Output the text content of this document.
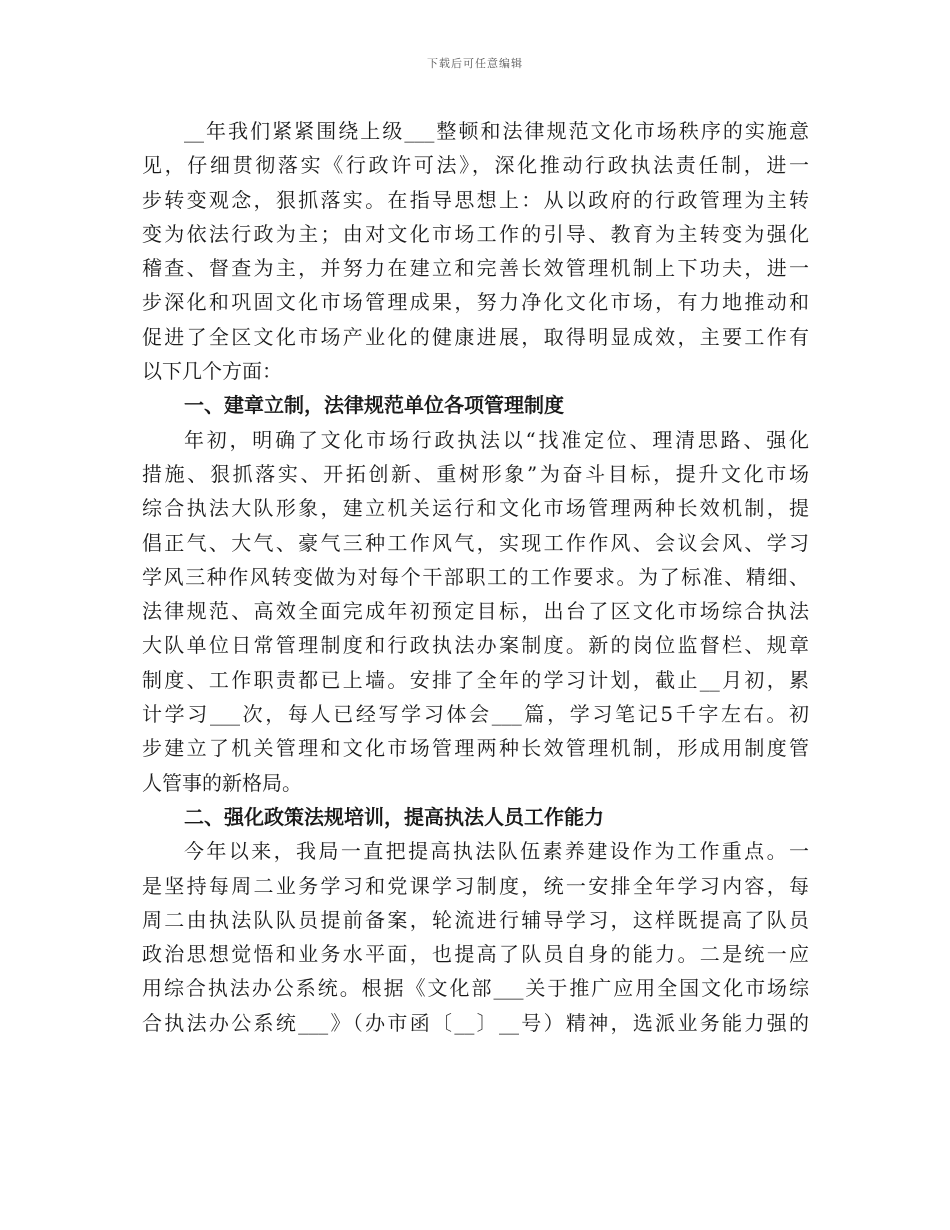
下载后可任意编辑
__年我们紧紧围绕上级___整顿和法律规范文化市场秩序的实施意
见，仔细贯彻落实《行政许可法》，深化推动行政执法责任制，进一
步转变观念，狠抓落实。在指导思想上：从以政府的行政管理为主转
变为依法行政为主；由对文化市场工作的引导、教育为主转变为强化
稽查、督查为主，并努力在建立和完善长效管理机制上下功夫，进一
步深化和巩固文化市场管理成果，努力净化文化市场，有力地推动和
促进了全区文化市场产业化的健康进展，取得明显成效，主要工作有
以下几个方面：
一、建章立制，法律规范单位各项管理制度
年初，明确了文化市场行政执法以“找准定位、理清思路、强化
措施、狠抓落实、开拓创新、重树形象”为奋斗目标，提升文化市场
综合执法大队形象，建立机关运行和文化市场管理两种长效机制，提
倡正气、大气、豪气三种工作风气，实现工作作风、会议会风、学习
学风三种作风转变做为对每个干部职工的工作要求。为了标准、精细、
法律规范、高效全面完成年初预定目标，出台了区文化市场综合执法
大队单位日常管理制度和行政执法办案制度。新的岗位监督栏、规章
制度、工作职责都已上墙。安排了全年的学习计划，截止__月初，累
计学习___次，每人已经写学习体会___篇，学习笔记5千字左右。初
步建立了机关管理和文化市场管理两种长效管理机制，形成用制度管
人管事的新格局。
二、强化政策法规培训，提高执法人员工作能力
今年以来，我局一直把提高执法队伍素养建设作为工作重点。一
是坚持每周二业务学习和党课学习制度，统一安排全年学习内容，每
周二由执法队队员提前备案，轮流进行辅导学习，这样既提高了队员
政治思想觉悟和业务水平面，也提高了队员自身的能力。二是统一应
用综合执法办公系统。根据《文化部___关于推广应用全国文化市场综
合执法办公系统___》（办市函〔__〕__号）精神，选派业务能力强的
